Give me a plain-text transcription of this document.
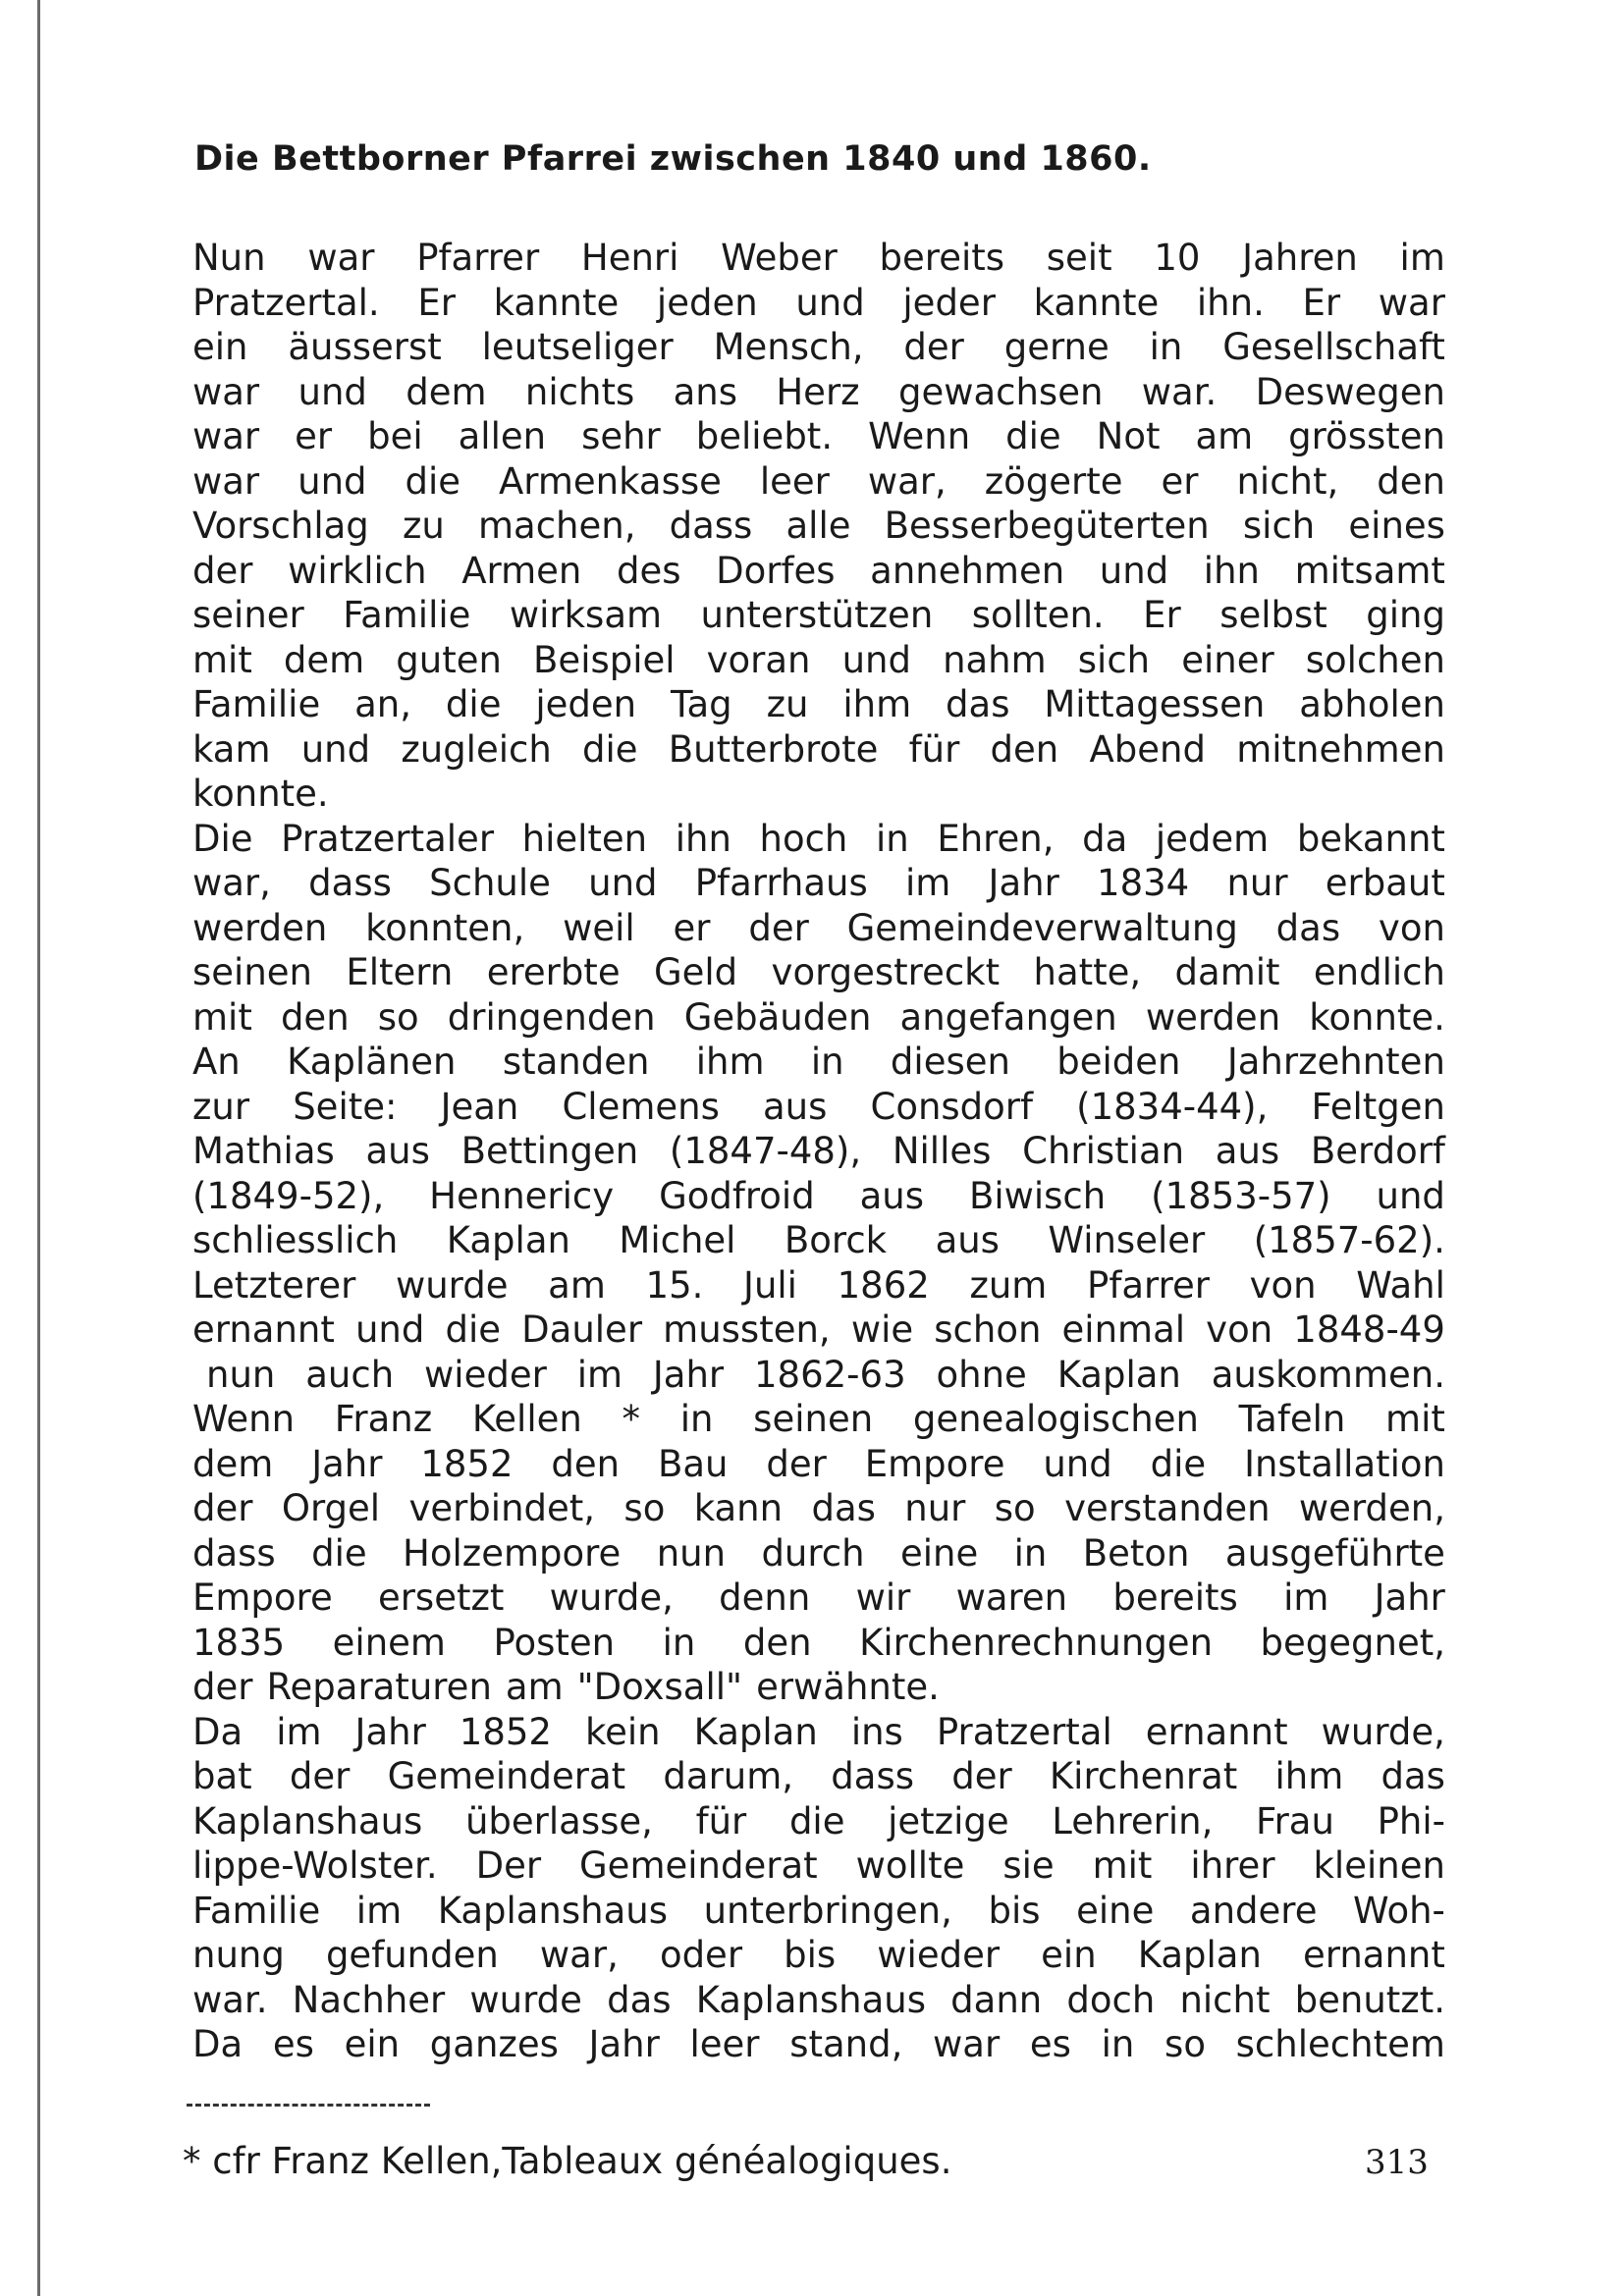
Die Bettborner Pfarrei zwischen 1840 und 1860.
Nun war Pfarrer Henri Weber bereits seit 10 Jahren im
Pratzertal. Er kannte jeden und jeder kannte ihn. Er war
ein äusserst leutseliger Mensch, der gerne in Gesellschaft
war und dem nichts ans Herz gewachsen war. Deswegen
war er bei allen sehr beliebt. Wenn die Not am grössten
war und die Armenkasse leer war, zögerte er nicht, den
Vorschlag zu machen, dass alle Besserbegüterten sich eines
der wirklich Armen des Dorfes annehmen und ihn mitsamt
seiner Familie wirksam unterstützen sollten. Er selbst ging
mit dem guten Beispiel voran und nahm sich einer solchen
Familie an, die jeden Tag zu ihm das Mittagessen abholen
kam und zugleich die Butterbrote für den Abend mitnehmen
konnte.
Die Pratzertaler hielten ihn hoch in Ehren, da jedem bekannt
war, dass Schule und Pfarrhaus im Jahr 1834 nur erbaut
werden konnten, weil er der Gemeindeverwaltung das von
seinen Eltern ererbte Geld vorgestreckt hatte, damit endlich
mit den so dringenden Gebäuden angefangen werden konnte.
An Kaplänen standen ihm in diesen beiden Jahrzehnten
zur Seite: Jean Clemens aus Consdorf (1834-44), Feltgen
Mathias aus Bettingen (1847-48), Nilles Christian aus Berdorf
(1849-52), Hennericy Godfroid aus Biwisch (1853-57) und
schliesslich Kaplan Michel Borck aus Winseler (1857-62).
Letzterer wurde am 15. Juli 1862 zum Pfarrer von Wahl
ernannt und die Dauler mussten, wie schon einmal von 1848-49
nun auch wieder im Jahr 1862-63 ohne Kaplan auskommen.
Wenn Franz Kellen * in seinen genealogischen Tafeln mit
dem Jahr 1852 den Bau der Empore und die Installation
der Orgel verbindet, so kann das nur so verstanden werden,
dass die Holzempore nun durch eine in Beton ausgeführte
Empore ersetzt wurde, denn wir waren bereits im Jahr
1835 einem Posten in den Kirchenrechnungen begegnet,
der Reparaturen am "Doxsall" erwähnte.
Da im Jahr 1852 kein Kaplan ins Pratzertal ernannt wurde,
bat der Gemeinderat darum, dass der Kirchenrat ihm das
Kaplanshaus überlasse, für die jetzige Lehrerin, Frau Phi-
lippe-Wolster. Der Gemeinderat wollte sie mit ihrer kleinen
Familie im Kaplanshaus unterbringen, bis eine andere Woh-
nung gefunden war, oder bis wieder ein Kaplan ernannt
war. Nachher wurde das Kaplanshaus dann doch nicht benutzt.
Da es ein ganzes Jahr leer stand, war es in so schlechtem
* cfr Franz Kellen,Tableaux généalogiques.	313
